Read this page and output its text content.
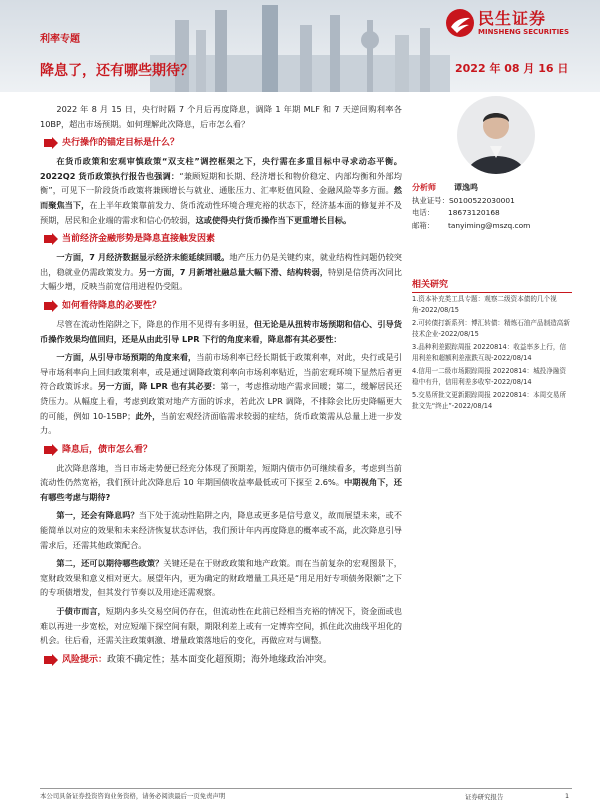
利率专题
降息了，还有哪些期待？
民生证券
MINSHENG SECURITIES
2022 年 08 月 16 日

2022 年 8 月 15 日，央行时隔 7 个月后再度降息，调降 1 年期 MLF 和 7 天逆回购利率各 10BP，超出市场预期。如何理解此次降息，后市怎么看？

央行操作的锚定目标是什么？

在货币政策和宏观审慎政策“双支柱”调控框架之下，央行需在多重目标中寻求动态平衡。2022Q2 货币政策执行报告也强调：“兼顾短期和长期、经济增长和物价稳定、内部均衡和外部均衡”，可见下一阶段货币政策将兼顾增长与就业、通胀压力、汇率贬值风险、金融风险等多方面。然而聚焦当下，在上半年政策靠前发力、货币流动性环境合理充裕的状态下，经济基本面的修复并不及预期，居民和企业端的需求和信心仍较弱，这或使得央行货币操作当下更重增长目标。

当前经济金融形势是降息直接触发因素

一方面，7 月经济数据显示经济未能延续回暖。地产压力仍是关键约束，就业结构性问题仍较突出，稳就业仍需政策发力。另一方面，7 月新增社融总量大幅下滑、结构转弱，特别是信贷再次同比大幅少增，反映当前宽信用进程仍受阻。

如何看待降息的必要性？

尽管在流动性陷阱之下，降息的作用不见得有多明显，但无论是从扭转市场预期和信心、引导货币操作效果均值回归，还是从由此引导 LPR 下行的角度来看，降息都有其必要性：

一方面，从引导市场预期的角度来看，当前市场利率已经长期低于政策利率，对此，央行或是引导市场利率向上回归政策利率，或是通过调降政策利率向市场利率贴近，当前宏观环境下显然后者更符合政策诉求。另一方面，降 LPR 也有其必要：第一，考虑推动地产需求回暖；第二，缓解居民还贷压力。从幅度上看，考虑到政策对地产方面的诉求，若此次 LPR 调降，不排除会比历史降幅更大的可能，例如 10-15BP；此外，当前宏观经济面临需求较弱的症结，货币政策需从总量上进一步发力。

降息后，债市怎么看？

此次降息落地，当日市场走势便已经充分体现了预期差，短期内债市仍可继续看多，考虑到当前流动性仍然宽裕，我们预计此次降息后 10 年期国债收益率最低或可下探至 2.6%。中期视角下，还有哪些考虑与期待?

第一，还会有降息吗？当下处于流动性陷阱之内，降息或更多是信号意义，故而展望未来，或不能简单以对应的效果和未来经济恢复状态评估，我们预计年内再度降息的概率或不高，此次降息引导需求后，还需其他政策配合。

第二，还可以期待哪些政策？关键还是在于财政政策和地产政策。而在当前复杂的宏观图景下，宽财政效果和意义相对更大。展望年内，更为确定的财政增量工具还是“用足用好专项债务限额”之下的专项债增发，但其发行节奏以及用途还需观察。

于债市而言，短期内多头交易空间仍存在，但流动性在此前已经相当充裕的情况下，资金面或也难以再进一步宽松，对应短端下探空间有限，期限利差上或有一定博弈空间，抓住此次曲线平坦化的机会。往后看，还需关注政策刺激、增量政策落地后的变化，再做应对与调整。

风险提示：政策不确定性；基本面变化超预期；海外地缘政治冲突。
分析师	谭逸鸣
执业证号： S0100522030001
电话：	18673120168
邮箱：	tanyiming@mszq.com
相关研究
1.资本补充类工具专题：观察二级资本债的几个视角-2022/08/15
2.可转债打新系列：博汇转债：精炼石油产品制造高新技术企业-2022/08/15
3.品种利差跟踪周报 20220814：收益率多上行，信用利差和超额利差涨跌互现-2022/08/14
4.信用一二级市场跟踪周报 20220814：城投净融资稳中有升，信用利差多收窄-2022/08/14
5.交易所批文更新跟踪周报 20220814：本周交易所批文先“终止”-2022/08/14
本公司具备证券投资咨询业务资格，请务必阅读最后一页免责声明	证券研究报告	1
